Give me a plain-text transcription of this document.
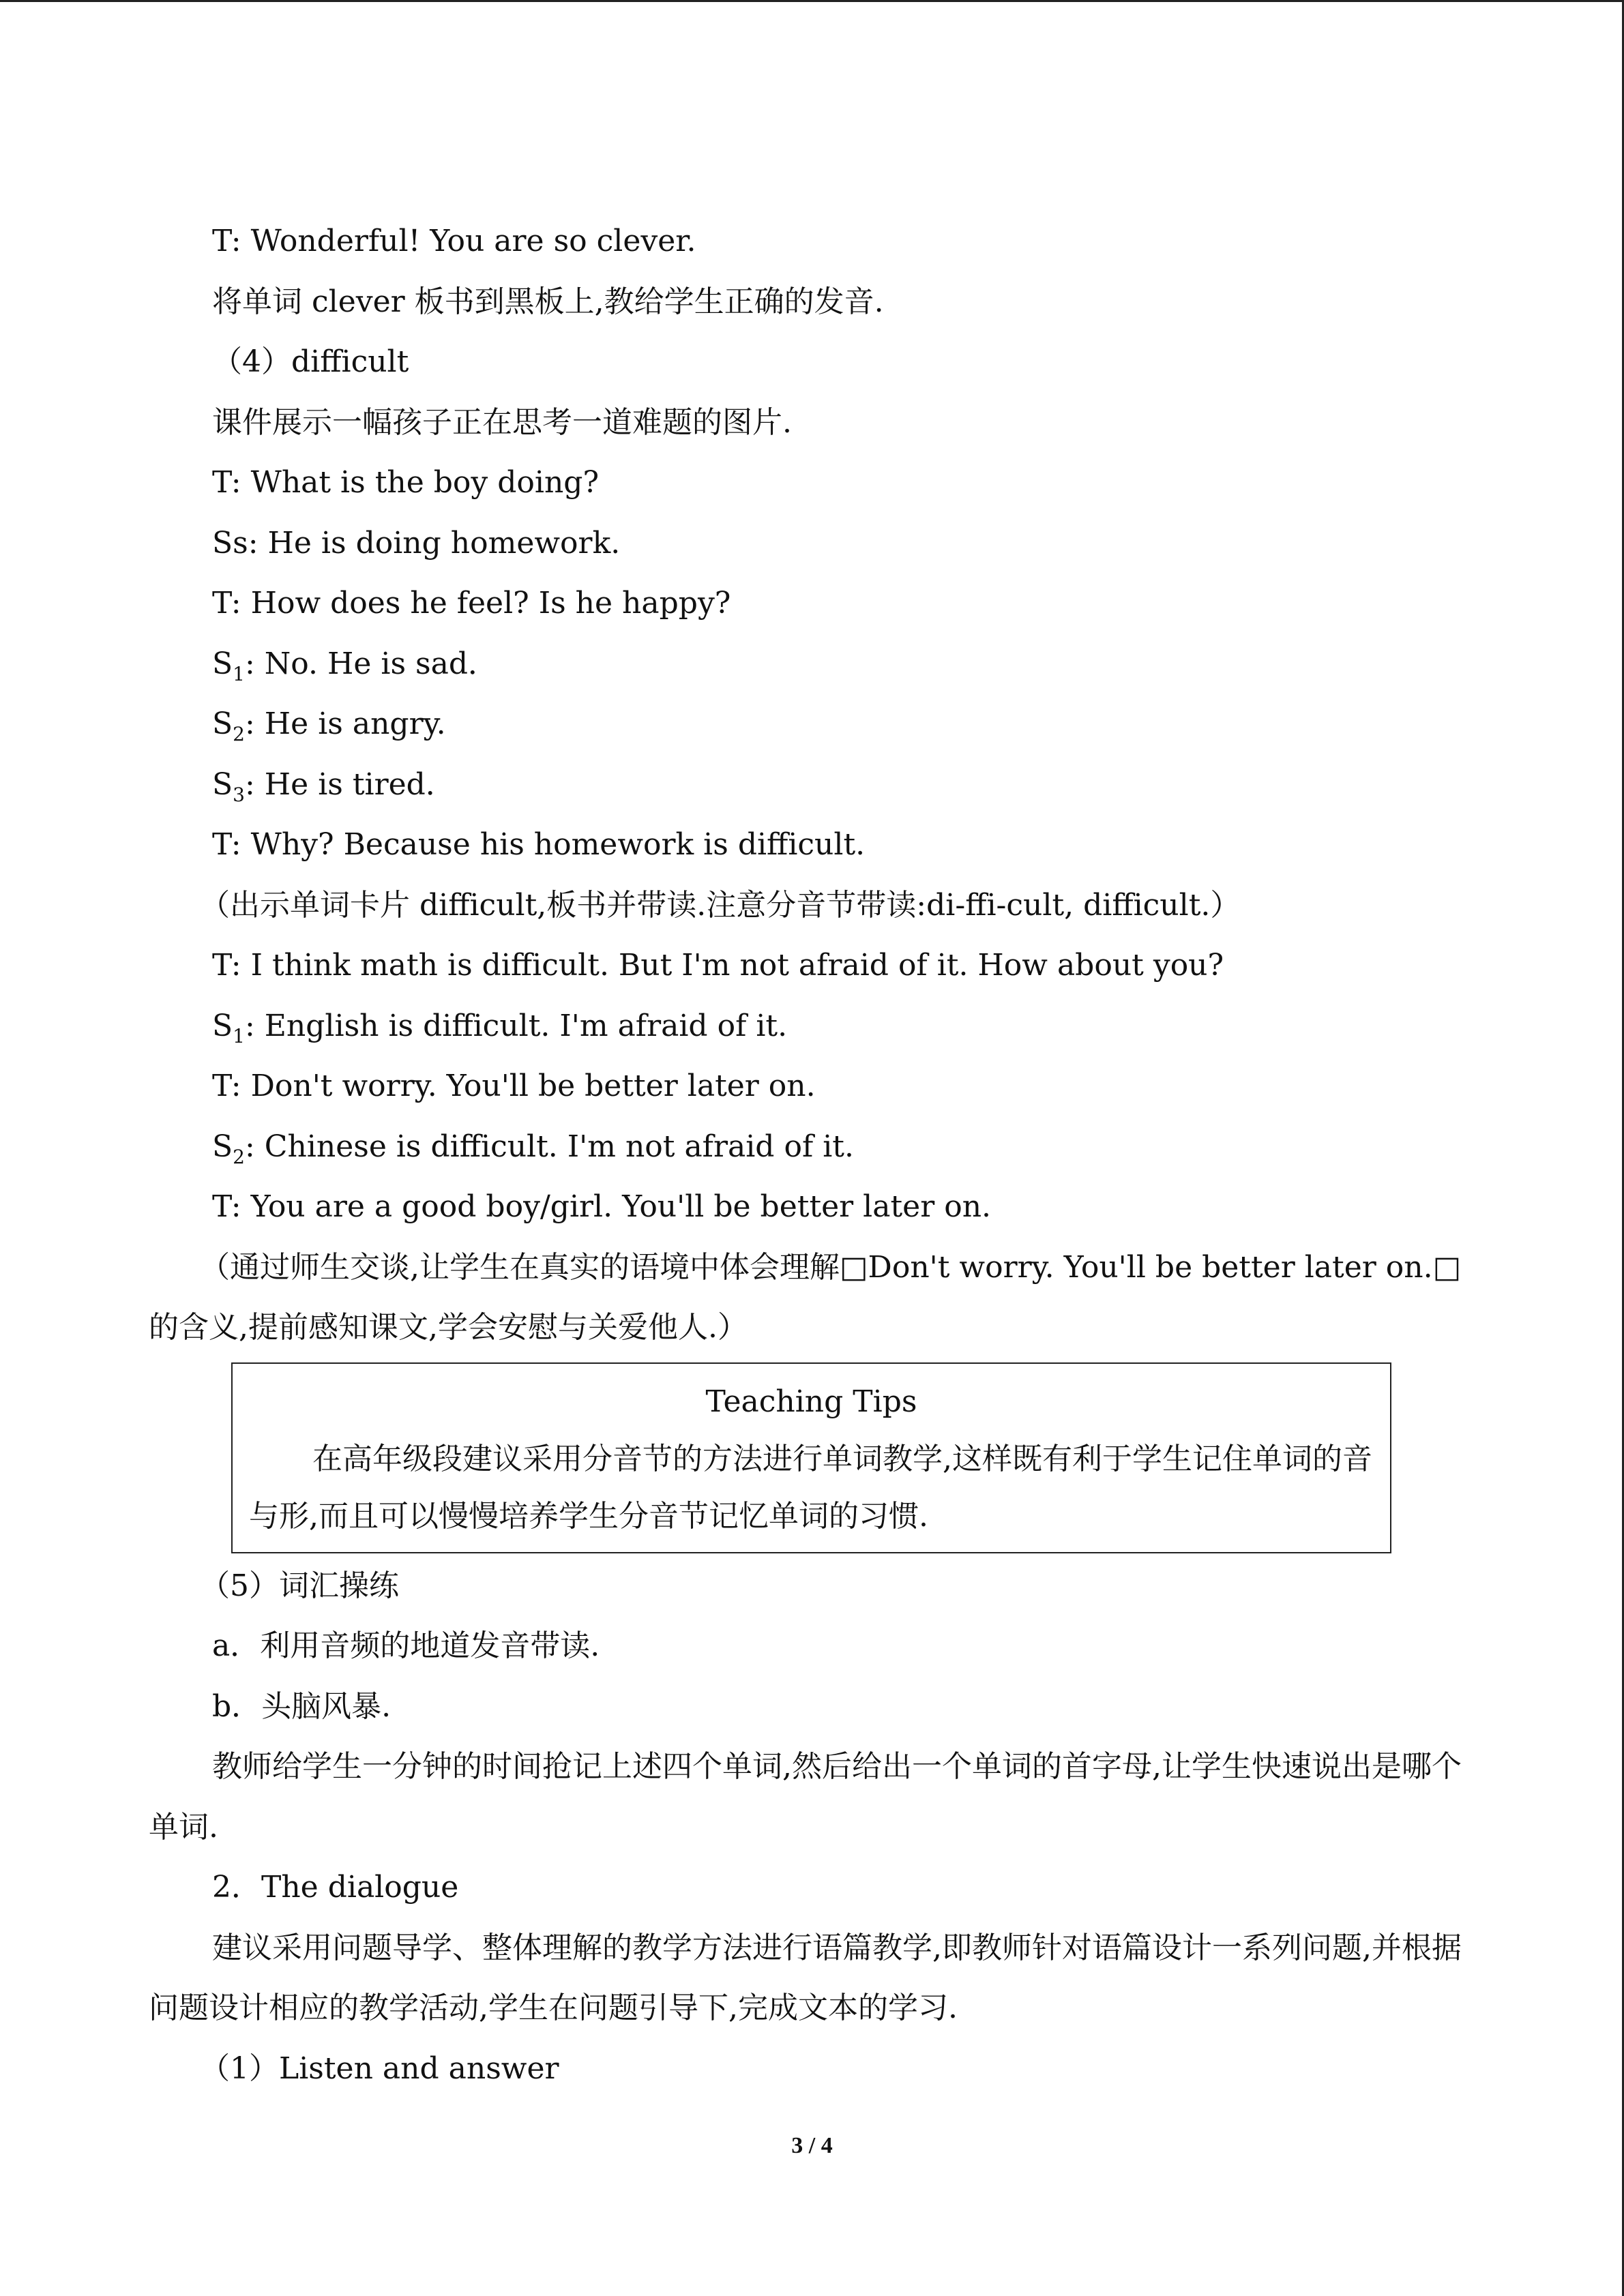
T: Wonderful! You are so clever.
将单词 clever 板书到黑板上,教给学生正确的发音.
（4）difficult
课件展示一幅孩子正在思考一道难题的图片.
T: What is the boy doing?
Ss: He is doing homework.
T: How does he feel? Is he happy?
$S_1$: No. He is sad．
$S_2$: He is angry.
$S_3$: He is tired．
T: Why? Because his homework is difficult.
（出示单词卡片 difficult,板书并带读.注意分音节带读:di-ffi-cult, difficult.）
T: I think math is difficult. But I'm not afraid of it. How about you?
$S_1$: English is difficult. I'm afraid of it.
T: Don't worry. You'll be better later on.
$S_2$: Chinese is difficult. I'm not afraid of it.
T: You are a good boy/girl. You'll be better later on.
（通过师生交谈,让学生在真实的语境中体会理解□Don't worry. You'll be better later on.□的含义,提前感知课文,学会安慰与关爱他人.）
Teaching Tips
在高年级段建议采用分音节的方法进行单词教学,这样既有利于学生记住单词的音与形,而且可以慢慢培养学生分音节记忆单词的习惯.
（5）词汇操练
a．利用音频的地道发音带读.
b．头脑风暴.
教师给学生一分钟的时间抢记上述四个单词,然后给出一个单词的首字母,让学生快速说出是哪个单词.
2．The dialogue
建议采用问题导学、整体理解的教学方法进行语篇教学,即教师针对语篇设计一系列问题,并根据问题设计相应的教学活动,学生在问题引导下,完成文本的学习.
（1）Listen and answer
3 / 4
